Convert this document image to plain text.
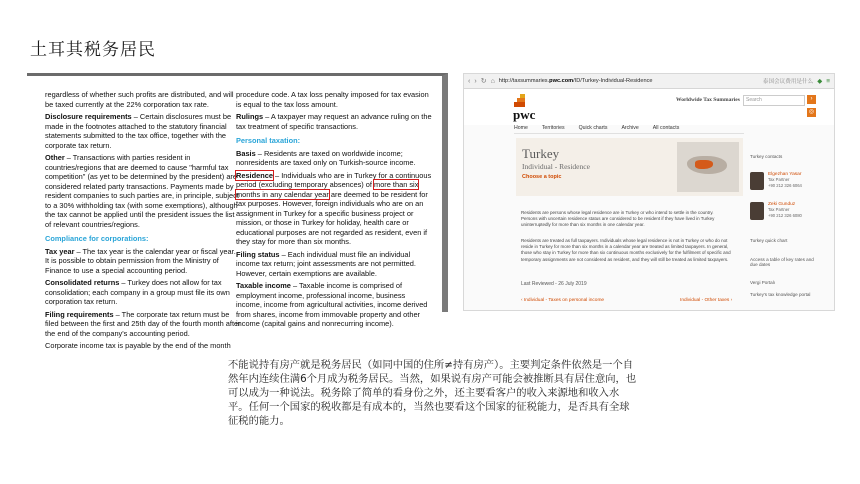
土耳其税务居民

regardless of whether such profits are distributed, and will be taxed currently at the 22% corporation tax rate.

Disclosure requirements – Certain disclosures must be made in the footnotes attached to the statutory financial statements submitted to the tax office, together with the corporate tax return.

Other – Transactions with parties resident in countries/regions that are deemed to cause "harmful tax competition" (as yet to be determined by the president) are considered related party transactions. Payments made by resident companies to such parties are, in principle, subject to a 30% withholding tax (with some exemptions), although the tax cannot be applied until the president issues the list of relevant countries/regions.

Compliance for corporations:

Tax year – The tax year is the calendar year or fiscal year. It is possible to obtain permission from the Ministry of Finance to use a special accounting period.

Consolidated returns – Turkey does not allow for tax consolidation; each company in a group must file its own corporation tax return.

Filing requirements – The corporate tax return must be filed between the first and 25th day of the fourth month after the end of the company's accounting period.

Corporate income tax is payable by the end of the month

procedure code. A tax loss penalty imposed for tax evasion is equal to the tax loss amount.

Rulings – A taxpayer may request an advance ruling on the tax treatment of specific transactions.

Personal taxation:

Basis – Residents are taxed on worldwide income; nonresidents are taxed only on Turkish-source income.

Residence – Individuals who are in Turkey for a continuous period (excluding temporary absences) of more than six months in any calendar year are deemed to be resident for tax purposes. However, foreign individuals who are on an assignment in Turkey for a specific business project or mission, or those in Turkey for holiday, health care or educational purposes are not regarded as resident, even if they stay for more than six months.

Filing status – Each individual must file an individual income tax return; joint assessments are not permitted. However, certain exemptions are available.

Taxable income – Taxable income is comprised of employment income, professional income, business income, income from agricultural activities, income derived from shares, income from immovable property and other income (capital gains and nonrecurring income).

‹ › ↻ ⌂ http://taxsummaries.pwc.com/ID/Turkey-Individual-Residence	泰国会议费用是什么 ◆ ≡
pwc
Worldwide Tax Summaries	Search	›
◎
Home	Territories	Quick charts	Archive	All contacts
Turkey
Individual - Residence
Choose a topic
Residents are persons whose legal residence are in Turkey or who intend to settle in the country. Persons with uncertain residence status are considered to be resident if they have lived in Turkey uninterruptedly for more than six months in one calendar year.
Residents are treated as full taxpayers. Individuals whose legal residence is not in Turkey or who do not reside in Turkey for more than six months in a calendar year are treated as limited taxpayers. In general, those who stay in Turkey for more than six continuous months exclusively for the fulfilment of specific and temporary assignments are not considered as resident, and they will still be treated as limited taxpayers.
Last Reviewed - 26 July 2019
‹ Individual - Taxes on personal income	Individual - Other taxes ›
Turkey contacts
Elgezhan Yasar
Tax Partner
+90 212 326 6064
Zeki Gunduz
Tax Partner
+90 212 326 6080
Turkey quick chart
Access a table of key rates and due dates
Vergi Portalı
Turkey's tax knowledge portal
不能说持有房产就是税务居民（如同中国的住所≠持有房产）。主要判定条件依然是一个自然年内连续住满6个月成为税务居民。当然，如果说有房产可能会被推断具有居住意向，也可以成为一种说法。税务除了简单的看身份之外，还主要看客户的收入来源地和收入水平。任何一个国家的税收都是有成本的，当然也要看这个国家的征税能力，是否具有全球征税的能力。
